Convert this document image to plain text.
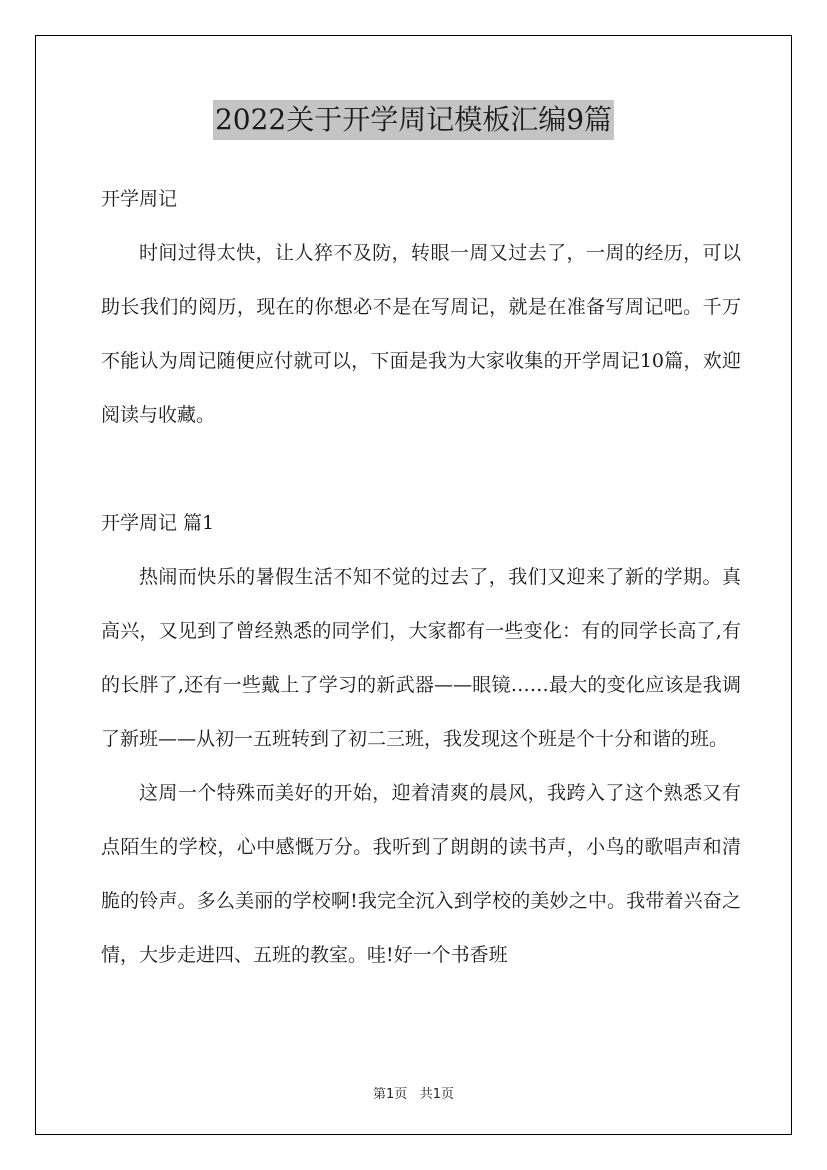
2022关于开学周记模板汇编9篇

开学周记

时间过得太快，让人猝不及防，转眼一周又过去了，一周的经历，可以助长我们的阅历，现在的你想必不是在写周记，就是在准备写周记吧。千万不能认为周记随便应付就可以，下面是我为大家收集的开学周记10篇，欢迎阅读与收藏。

开学周记 篇1

热闹而快乐的暑假生活不知不觉的过去了，我们又迎来了新的学期。真高兴，又见到了曾经熟悉的同学们，大家都有一些变化：有的同学长高了,有的长胖了,还有一些戴上了学习的新武器——眼镜……最大的变化应该是我调了新班——从初一五班转到了初二三班，我发现这个班是个十分和谐的班。

这周一个特殊而美好的开始，迎着清爽的晨风，我跨入了这个熟悉又有点陌生的学校，心中感慨万分。我听到了朗朗的读书声，小鸟的歌唱声和清脆的铃声。多么美丽的学校啊!我完全沉入到学校的美妙之中。我带着兴奋之情，大步走进四、五班的教室。哇!好一个书香班

第1页 共1页
